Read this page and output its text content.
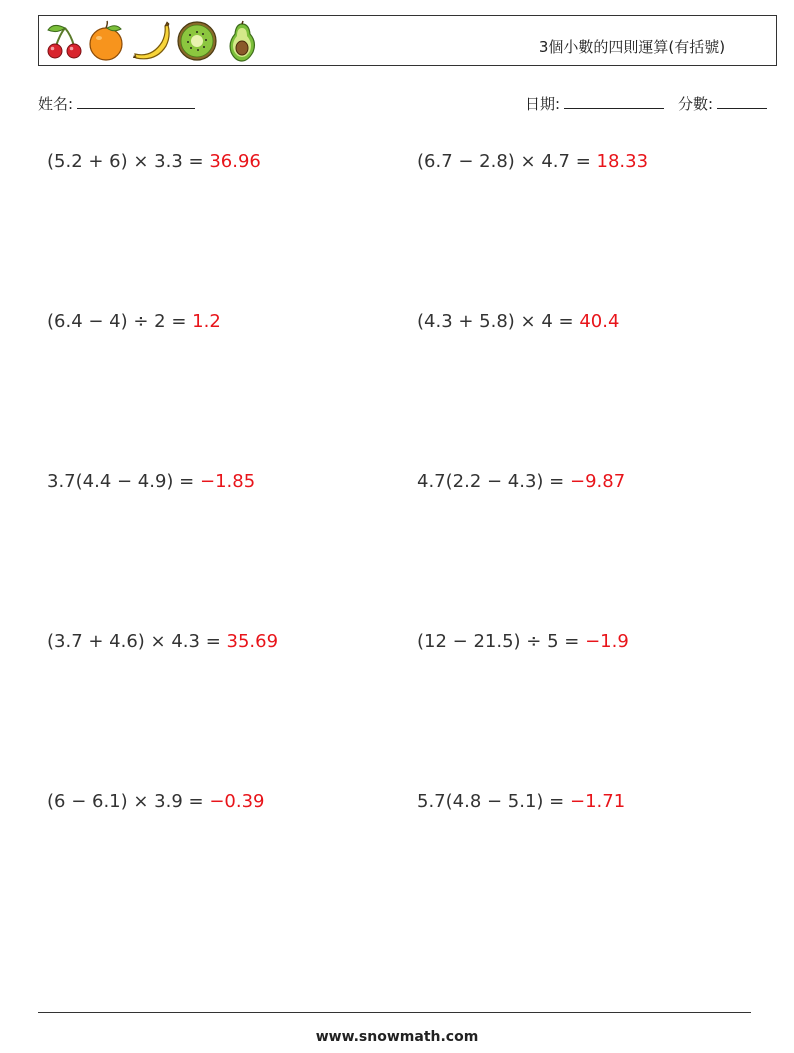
3個小數的四則運算(有括號)
姓名:	日期:	分數:
(5.2 + 6) × 3.3 = 36.96
(6.4 − 4) ÷ 2 = 1.2
3.7(4.4 − 4.9) = −1.85
(3.7 + 4.6) × 4.3 = 35.69
(6 − 6.1) × 3.9 = −0.39
(6.7 − 2.8) × 4.7 = 18.33
(4.3 + 5.8) × 4 = 40.4
4.7(2.2 − 4.3) = −9.87
(12 − 21.5) ÷ 5 = −1.9
5.7(4.8 − 5.1) = −1.71
www.snowmath.com
